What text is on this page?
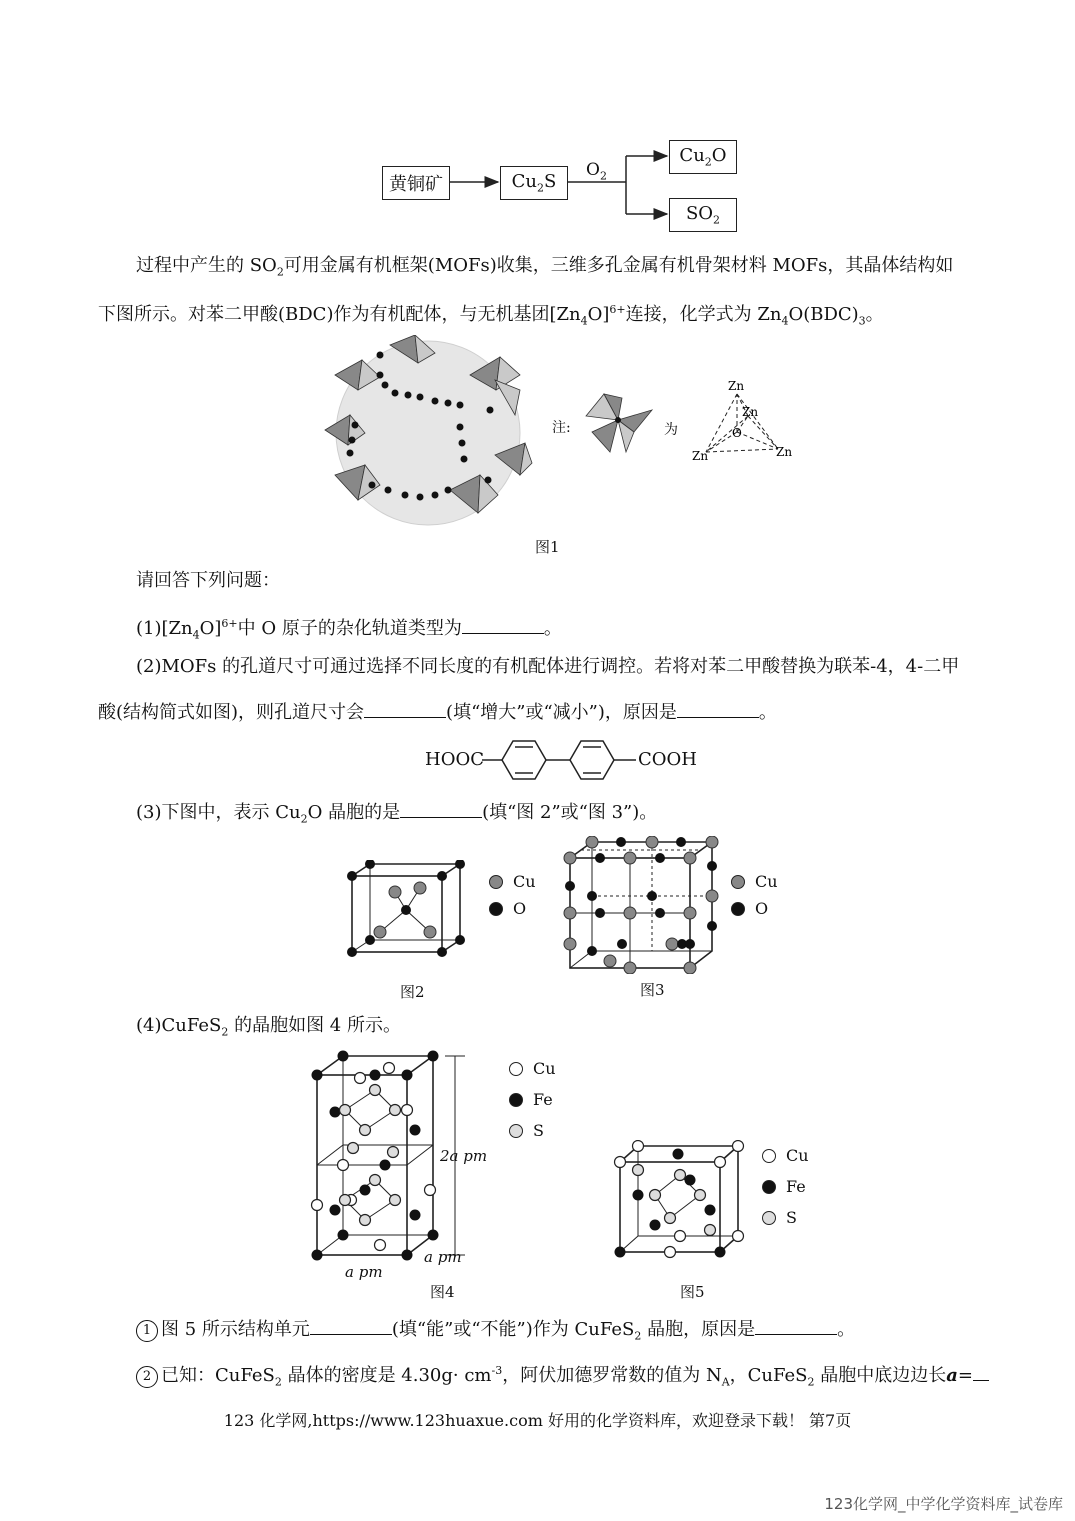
黄铜矿	$Cu_2S$
$Cu_2O$
$SO_2$
$O_2$
过程中产生的 $SO_2$可用金属有机框架(MOFs)收集，三维多孔金属有机骨架材料 MOFs，其晶体结构如
下图所示。对苯二甲酸(BDC)作为有机配体，与无机基团$[Zn_4O]^{6+}$连接，化学式为 $Zn_4O(BDC)_3$。
注:	为
Zn
Zn
O
Zn	Zn
图1
请回答下列问题：
$(1)[Zn_4O]^{6+}$中 O 原子的杂化轨道类型为	。
(2)MOFs 的孔道尺寸可通过选择不同长度的有机配体进行调控。若将对苯二甲酸替换为联苯-4，4-二甲
酸(结构简式如图)，则孔道尺寸会	(填“增大”或“减小”)，原因是	。
HOOC	COOH
(3)下图中，表示 $Cu_2O$ 晶胞的是	(填“图 2”或“图 3”)。
Cu
O
图2
Cu
O
图3
(4)CuFeS$_2$ 的晶胞如图 4 所示。
2a pm
a pm
a pm
Cu
Fe
S
图4
Cu
Fe
S
图5
1 图 5 所示结构单元	(填“能”或“不能”)作为 CuFeS$_2$ 晶胞，原因是	。
2 已知：CuFeS$_2$ 晶体的密度是 $4.30g\cdot cm^{-3}$，阿伏加德罗常数的值为 $N_A$，CuFeS$_2$ 晶胞中底边边长a=
123 化学网,https://www.123huaxue.com 好用的化学资料库，欢迎登录下载！ 第7页
123化学网_中学化学资料库_试卷库
